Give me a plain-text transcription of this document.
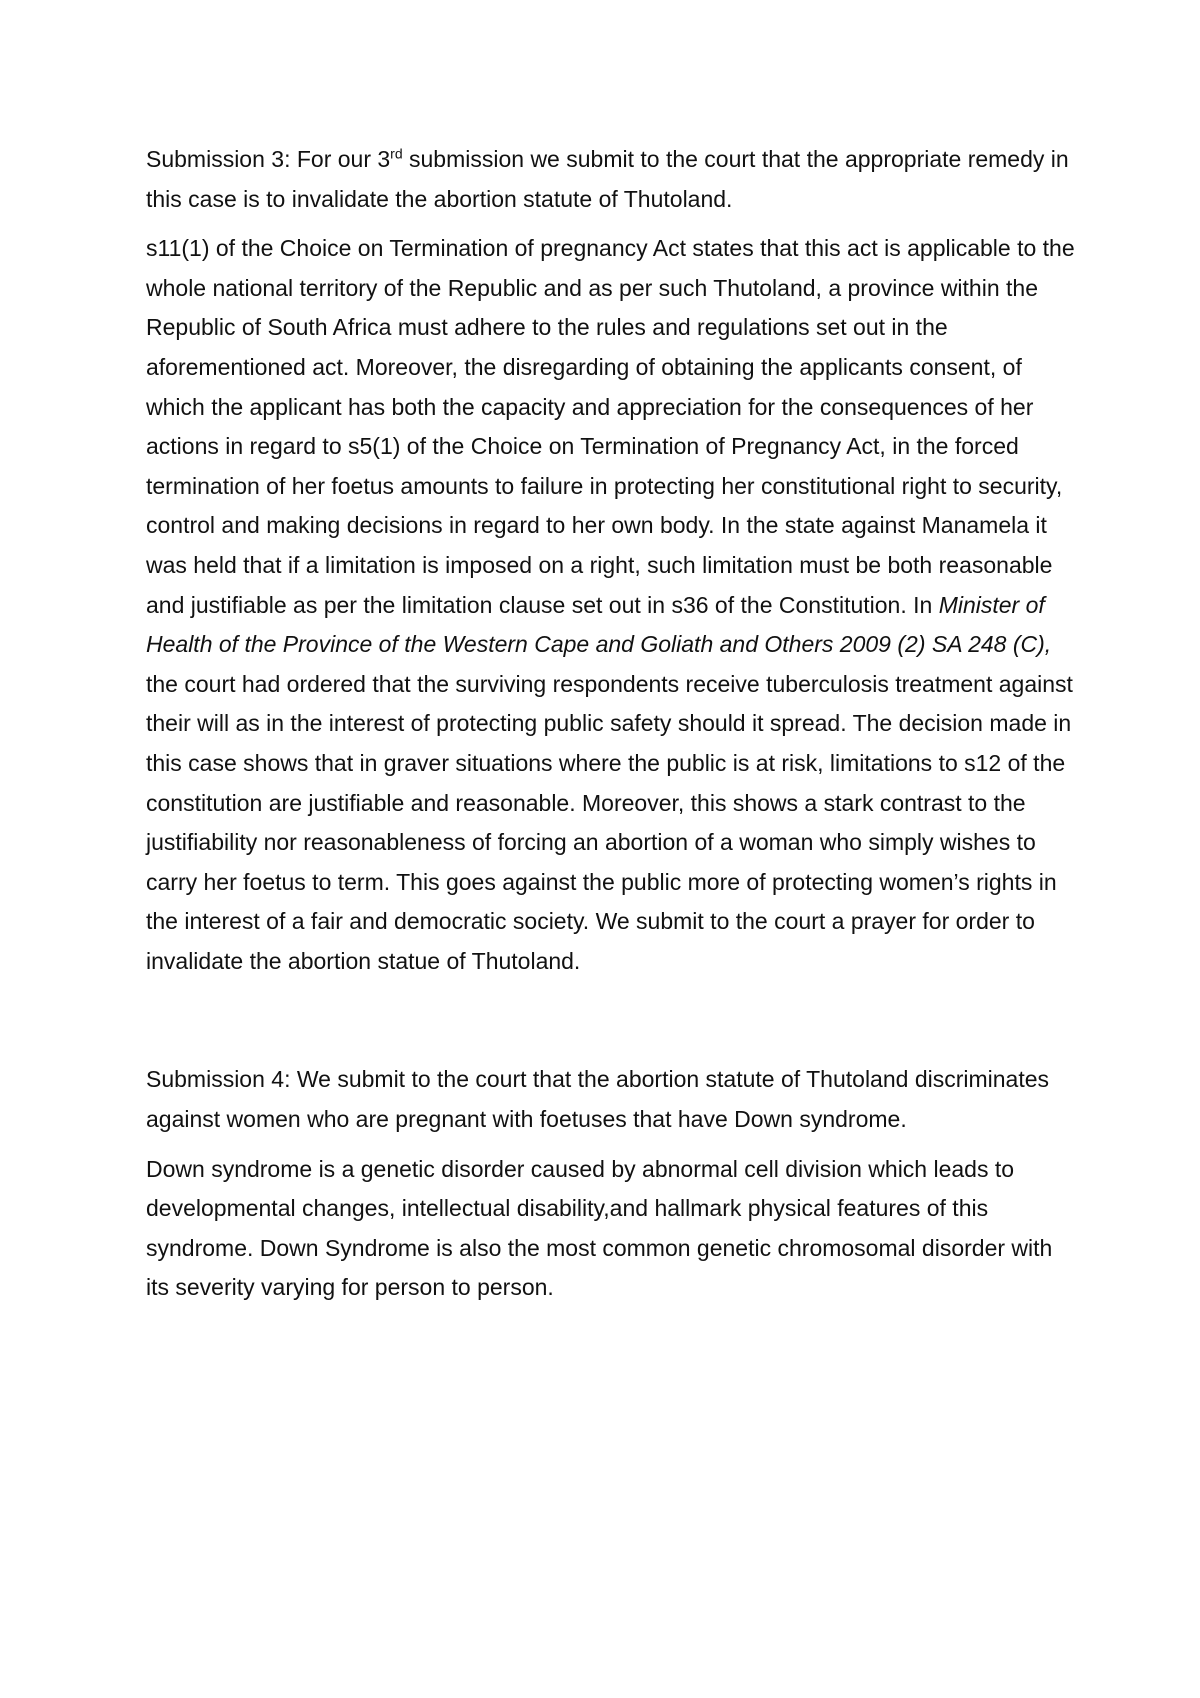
Submission 3: For our 3rd submission we submit to the court that the appropriate remedy in this case is to invalidate the abortion statute of Thutoland.

s11(1) of the Choice on Termination of pregnancy Act states that this act is applicable to the whole national territory of the Republic and as per such Thutoland, a province within the Republic of South Africa must adhere to the rules and regulations set out in the aforementioned act. Moreover, the disregarding of obtaining the applicants consent, of which the applicant has both the capacity and appreciation for the consequences of her actions in regard to s5(1) of the Choice on Termination of Pregnancy Act, in the forced termination of her foetus amounts to failure in protecting her constitutional right to security, control and making decisions in regard to her own body. In the state against Manamela it was held that if a limitation is imposed on a right, such limitation must be both reasonable and justifiable as per the limitation clause set out in s36 of the Constitution. In Minister of Health of the Province of the Western Cape and Goliath and Others 2009 (2) SA 248 (C), the court had ordered that the surviving respondents receive tuberculosis treatment against their will as in the interest of protecting public safety should it spread. The decision made in this case shows that in graver situations where the public is at risk, limitations to s12 of the constitution are justifiable and reasonable. Moreover, this shows a stark contrast to the justifiability nor reasonableness of forcing an abortion of a woman who simply wishes to carry her foetus to term. This goes against the public more of protecting women’s rights in the interest of a fair and democratic society. We submit to the court a prayer for order to invalidate the abortion statue of Thutoland.

Submission 4: We submit to the court that the abortion statute of Thutoland discriminates against women who are pregnant with foetuses that have Down syndrome.

Down syndrome is a genetic disorder caused by abnormal cell division which leads to developmental changes, intellectual disability,and hallmark physical features of this syndrome. Down Syndrome is also the most common genetic chromosomal disorder with its severity varying for person to person.
